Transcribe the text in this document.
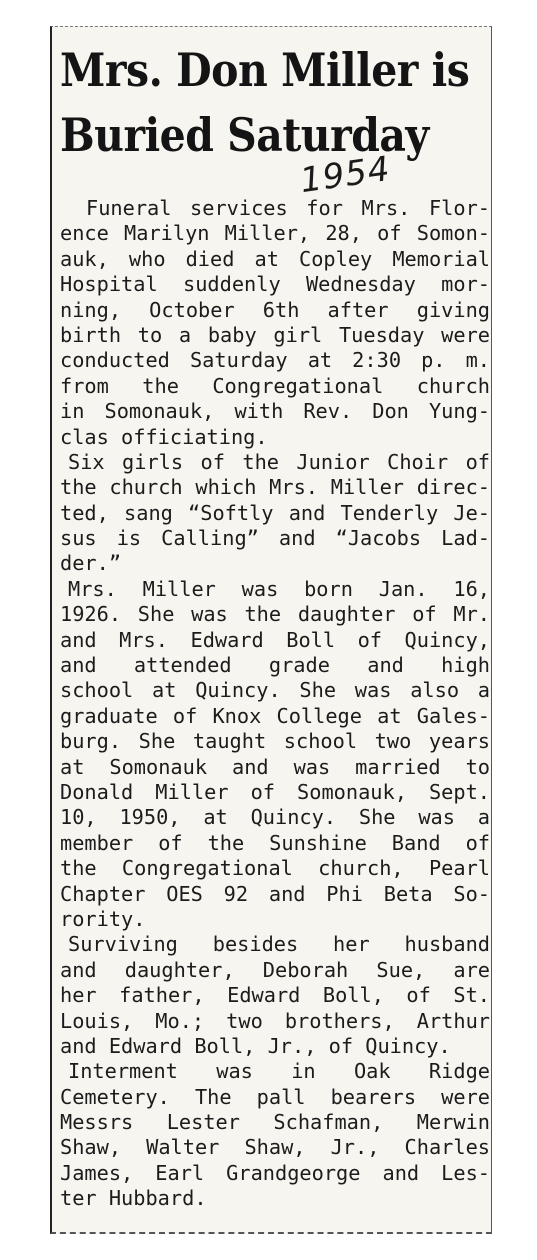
Mrs. Don Miller is
Buried Saturday
1954
Funeral services for Mrs. Flor-
ence Marilyn Miller, 28, of Somon-
auk, who died at Copley Memorial
Hospital suddenly Wednesday mor-
ning, October 6th after giving
birth to a baby girl Tuesday were
conducted Saturday at 2:30 p. m.
from the Congregational church
in Somonauk, with Rev. Don Yung-
clas officiating.
Six girls of the Junior Choir of
the church which Mrs. Miller direc-
ted, sang “Softly and Tenderly Je-
sus is Calling” and “Jacobs Lad-
der.”
Mrs. Miller was born Jan. 16,
1926. She was the daughter of Mr.
and Mrs. Edward Boll of Quincy,
and attended grade and high
school at Quincy. She was also a
graduate of Knox College at Gales-
burg. She taught school two years
at Somonauk and was married to
Donald Miller of Somonauk, Sept.
10, 1950, at Quincy. She was a
member of the Sunshine Band of
the Congregational church, Pearl
Chapter OES 92 and Phi Beta So-
rority.
Surviving besides her husband
and daughter, Deborah Sue, are
her father, Edward Boll, of St.
Louis, Mo.; two brothers, Arthur
and Edward Boll, Jr., of Quincy.
Interment was in Oak Ridge
Cemetery. The pall bearers were
Messrs Lester Schafman, Merwin
Shaw, Walter Shaw, Jr., Charles
James, Earl Grandgeorge and Les-
ter Hubbard.
